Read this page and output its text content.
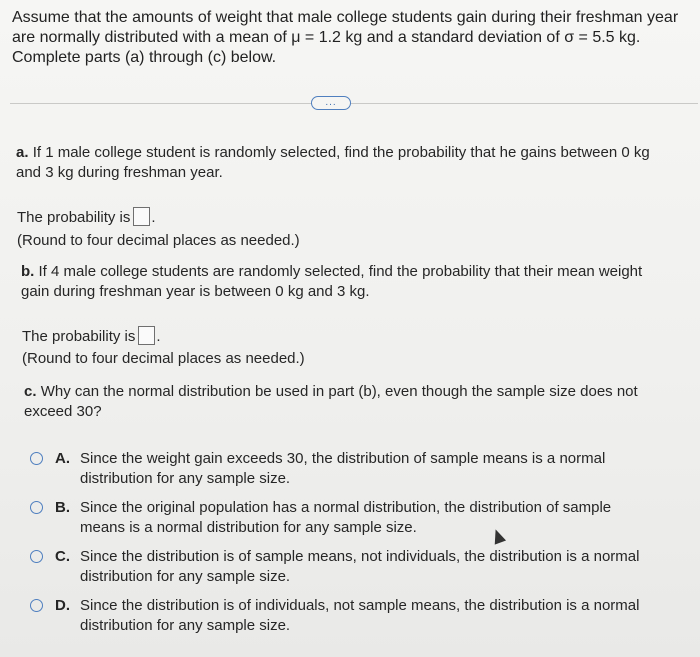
Assume that the amounts of weight that male college students gain during their freshman year
are normally distributed with a mean of μ = 1.2 kg and a standard deviation of σ = 5.5 kg.
Complete parts (a) through (c) below.
...
a. If 1 male college student is randomly selected, find the probability that he gains between 0 kg
and 3 kg during freshman year.
The probability is .
(Round to four decimal places as needed.)
b. If 4 male college students are randomly selected, find the probability that their mean weight
gain during freshman year is between 0 kg and 3 kg.
The probability is .
(Round to four decimal places as needed.)
c. Why can the normal distribution be used in part (b), even though the sample size does not
exceed 30?
A. Since the weight gain exceeds 30, the distribution of sample means is a normal
distribution for any sample size.
B. Since the original population has a normal distribution, the distribution of sample
means is a normal distribution for any sample size.
C. Since the distribution is of sample means, not individuals, the distribution is a normal
distribution for any sample size.
D. Since the distribution is of individuals, not sample means, the distribution is a normal
distribution for any sample size.
